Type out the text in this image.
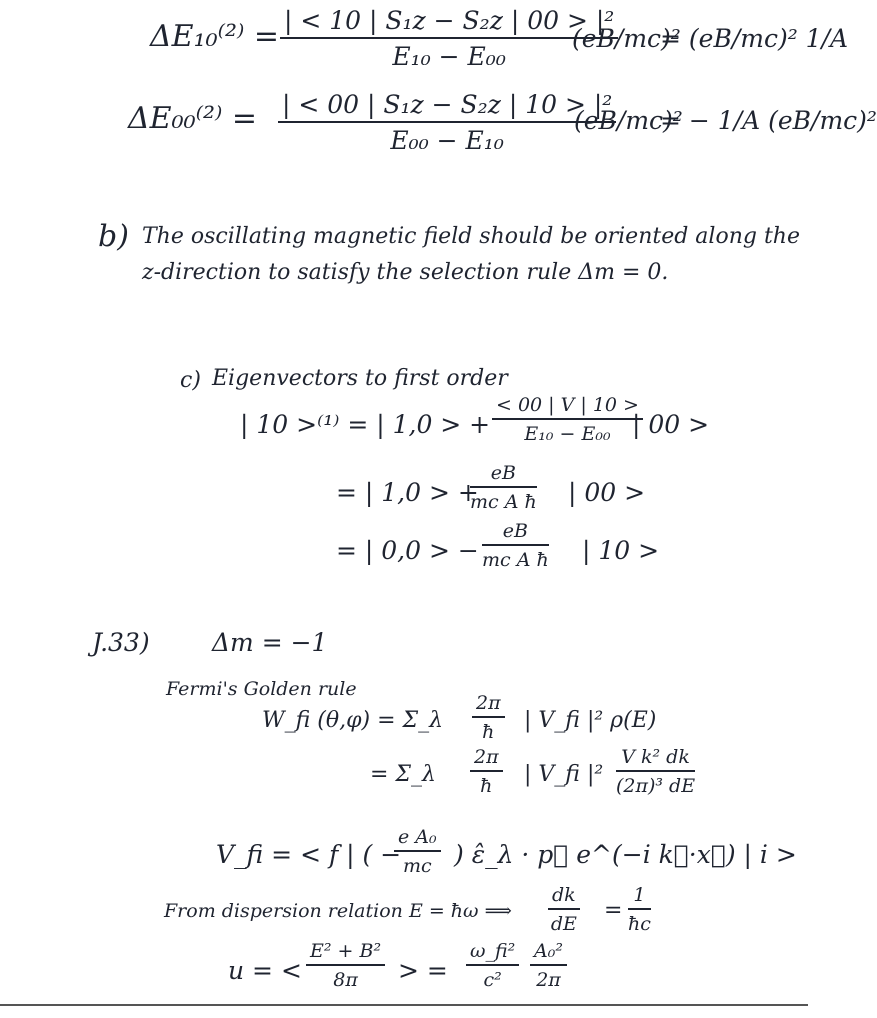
ΔE₁₀⁽²⁾ = | < 10 | S₁z − S₂z | 00 > |²
E₁₀ − E₀₀
(eB/mc)²
= (eB/mc)² 1/A
ΔE₀₀⁽²⁾ = | < 00 | S₁z − S₂z | 10 > |²
E₀₀ − E₁₀
(eB/mc)²
= − 1/A (eB/mc)²
b) The oscillating magnetic field should be oriented along the
z-direction to satisfy the selection rule Δm = 0.
c) Eigenvectors to first order
| 10 >⁽¹⁾ = | 1,0 > +
< 00 | V | 10 >
E₁₀ − E₀₀ | 00 >
= | 1,0 > +
eB
mc A ħ | 00 >
= | 0,0 > −
eB
mc A ħ | 10 >
J.33) Δm = −1
Fermi's Golden rule
W_fi (θ,φ) = Σ_λ
2π
ħ | V_fi |² ρ(E)
= Σ_λ
2π
ħ | V_fi |²
V k² dk
(2π)³ dE
V_fi = < f | ( −
e A₀
mc ) ε̂_λ · p⃗ e^(−i k⃗·x⃗) | i >
From dispersion relation E = ħω ⟹
dk
dE
=
1
ħc
u = <
E² + B²
8π > =
ω_fi²
c²
A₀²
2π
